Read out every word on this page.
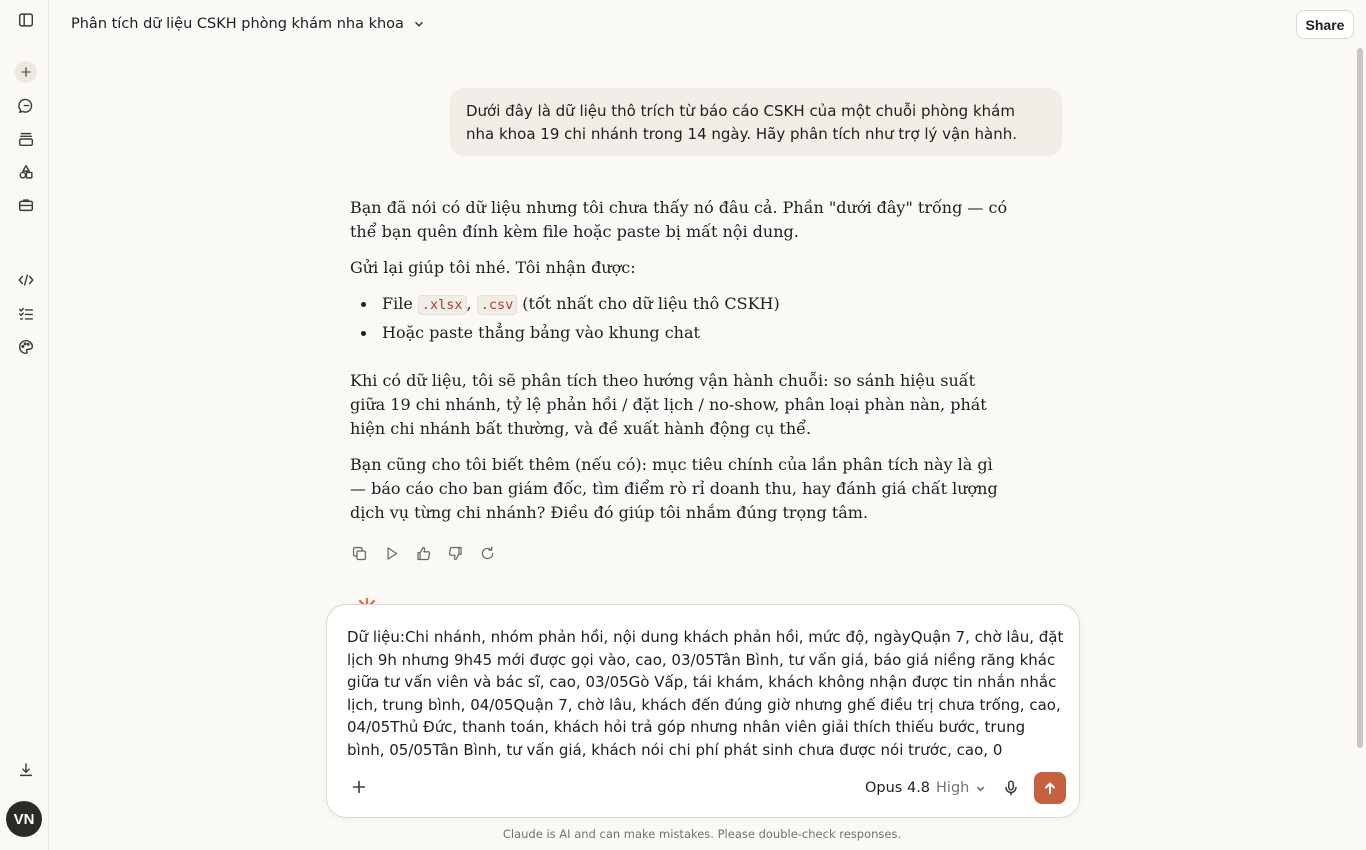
VN
Phân tích dữ liệu CSKH phòng khám nha khoa	Share
Dưới đây là dữ liệu thô trích từ báo cáo CSKH của một chuỗi phòng khám nha khoa 19 chi nhánh trong 14 ngày. Hãy phân tích như trợ lý vận hành.

Bạn đã nói có dữ liệu nhưng tôi chưa thấy nó đâu cả. Phần "dưới đây" trống — có thể bạn quên đính kèm file hoặc paste bị mất nội dung.

Gửi lại giúp tôi nhé. Tôi nhận được:

File .xlsx , .csv (tốt nhất cho dữ liệu thô CSKH)
Hoặc paste thẳng bảng vào khung chat

Khi có dữ liệu, tôi sẽ phân tích theo hướng vận hành chuỗi: so sánh hiệu suất giữa 19 chi nhánh, tỷ lệ phản hồi / đặt lịch / no-show, phân loại phàn nàn, phát hiện chi nhánh bất thường, và đề xuất hành động cụ thể.

Bạn cũng cho tôi biết thêm (nếu có): mục tiêu chính của lần phân tích này là gì — báo cáo cho ban giám đốc, tìm điểm rò rỉ doanh thu, hay đánh giá chất lượng dịch vụ từng chi nhánh? Điều đó giúp tôi nhắm đúng trọng tâm.

Dữ liệu:Chi nhánh, nhóm phản hồi, nội dung khách phản hồi, mức độ, ngàyQuận 7, chờ lâu, đặt lịch 9h nhưng 9h45 mới được gọi vào, cao, 03/05Tân Bình, tư vấn giá, báo giá niềng răng khác giữa tư vấn viên và bác sĩ, cao, 03/05Gò Vấp, tái khám, khách không nhận được tin nhắn nhắc lịch, trung bình, 04/05Quận 7, chờ lâu, khách đến đúng giờ nhưng ghế điều trị chưa trống, cao, 04/05Thủ Đức, thanh toán, khách hỏi trả góp nhưng nhân viên giải thích thiếu bước, trung bình, 05/05Tân Bình, tư vấn giá, khách nói chi phí phát sinh chưa được nói trước, cao, 0
Opus 4.8 High
Claude is AI and can make mistakes. Please double-check responses.
